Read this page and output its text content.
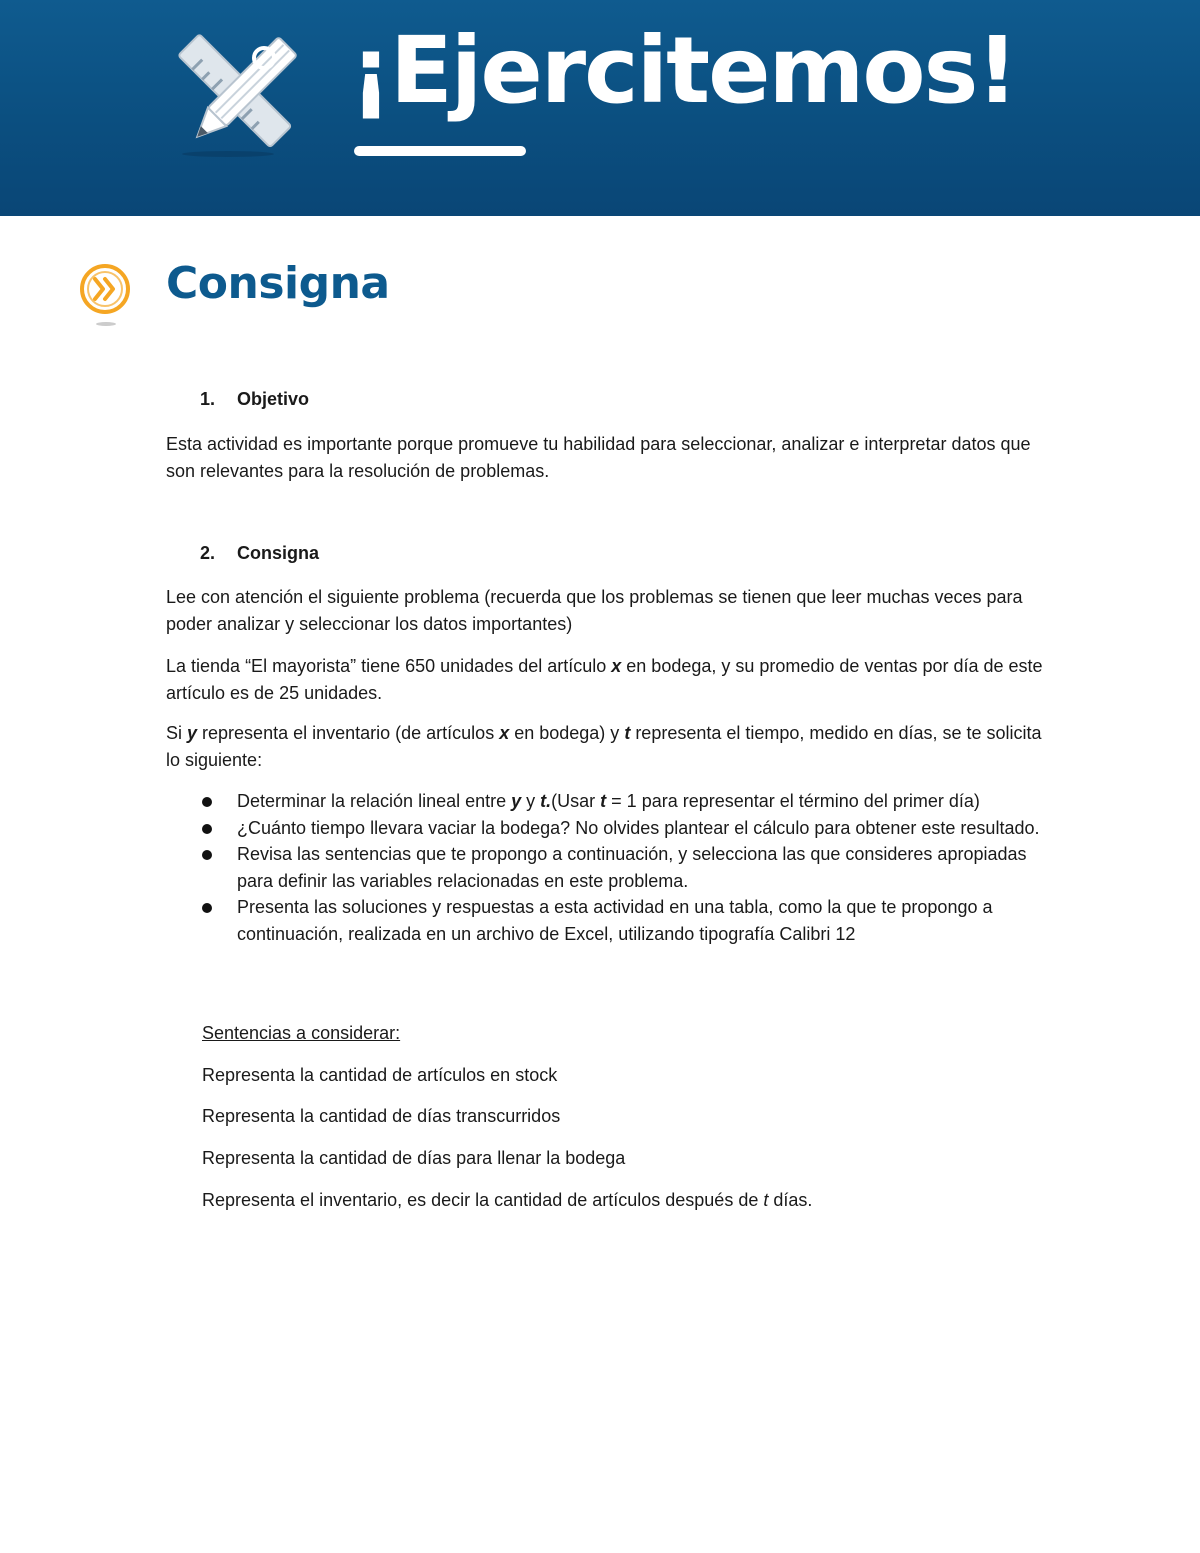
¡Ejercitemos!
Consigna
1. Objetivo
Esta actividad es importante porque promueve tu habilidad para seleccionar, analizar e interpretar datos que son relevantes para la resolución de problemas.
2. Consigna
Lee con atención el siguiente problema (recuerda que los problemas se tienen que leer muchas veces para poder analizar y seleccionar los datos importantes)
La tienda “El mayorista” tiene 650 unidades del artículo x en bodega, y su promedio de ventas por día de este artículo es de 25 unidades.
Si y representa el inventario (de artículos x en bodega) y t representa el tiempo, medido en días, se te solicita lo siguiente:
Determinar la relación lineal entre y y t.(Usar t = 1 para representar el término del primer día)
¿Cuánto tiempo llevara vaciar la bodega? No olvides plantear el cálculo para obtener este resultado.
Revisa las sentencias que te propongo a continuación, y selecciona las que consideres apropiadas para definir las variables relacionadas en este problema.
Presenta las soluciones y respuestas a esta actividad en una tabla, como la que te propongo a continuación, realizada en un archivo de Excel, utilizando tipografía Calibri 12
Sentencias a considerar:
Representa la cantidad de artículos en stock
Representa la cantidad de días transcurridos
Representa la cantidad de días para llenar la bodega
Representa el inventario, es decir la cantidad de artículos después de t días.
